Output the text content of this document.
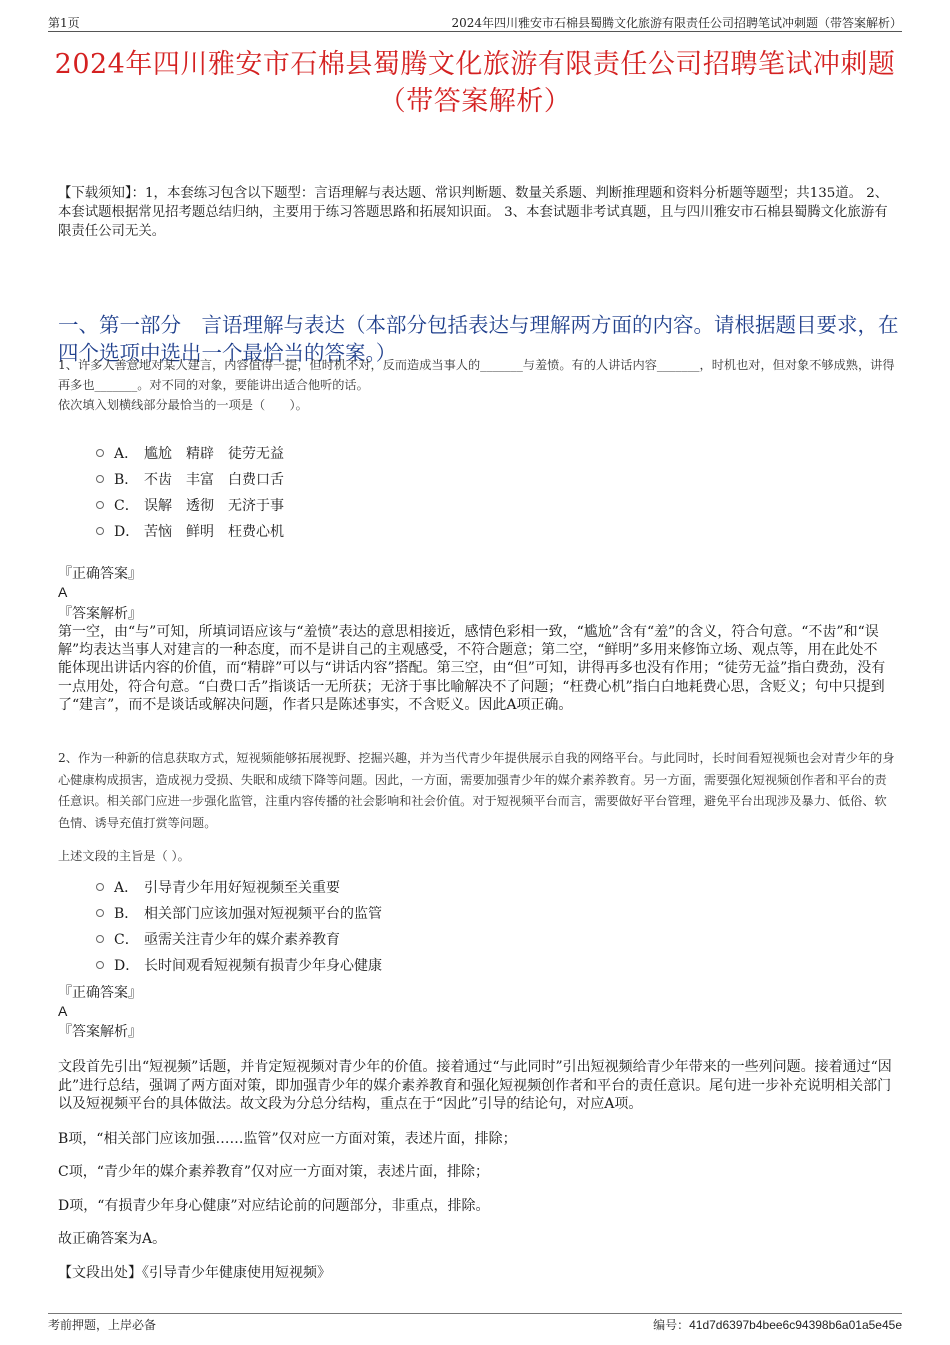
第1页	2024年四川雅安市石棉县蜀腾文化旅游有限责任公司招聘笔试冲刺题（带答案解析）
2024年四川雅安市石棉县蜀腾文化旅游有限责任公司招聘笔试冲刺题（带答案解析）
【下载须知】：1，本套练习包含以下题型：言语理解与表达题、常识判断题、数量关系题、判断推理题和资料分析题等题型；共135道。 2、本套试题根据常见招考题总结归纳，主要用于练习答题思路和拓展知识面。 3、本套试题非考试真题，且与四川雅安市石棉县蜀腾文化旅游有限责任公司无关。
一、第一部分　言语理解与表达（本部分包括表达与理解两方面的内容。请根据题目要求，在四个选项中选出一个最恰当的答案。）

1、许多人善意地对某人建言，内容值得一提，但时机不对，反而造成当事人的_______与羞愤。有的人讲话内容_______，时机也对，但对象不够成熟，讲得再多也_______。对不同的对象，要能讲出适合他听的话。

依次填入划横线部分最恰当的一项是（　　）。

A． 尴尬 精辟 徒劳无益
B． 不齿 丰富 白费口舌
C． 误解 透彻 无济于事
D． 苦恼 鲜明 枉费心机
『正确答案』
A
『答案解析』
第一空，由“与”可知，所填词语应该与“羞愤”表达的意思相接近，感情色彩相一致，“尴尬”含有“羞”的含义，符合句意。“不齿”和“误解”均表达当事人对建言的一种态度，而不是讲自己的主观感受，不符合题意；第二空，“鲜明”多用来修饰立场、观点等，用在此处不能体现出讲话内容的价值，而“精辟”可以与“讲话内容”搭配。第三空，由“但”可知，讲得再多也没有作用；“徒劳无益”指白费劲，没有一点用处，符合句意。“白费口舌”指谈话一无所获；无济于事比喻解决不了问题；“枉费心机”指白白地耗费心思，含贬义；句中只提到了“建言”，而不是谈话或解决问题，作者只是陈述事实，不含贬义。因此A项正确。

2、作为一种新的信息获取方式，短视频能够拓展视野、挖掘兴趣，并为当代青少年提供展示自我的网络平台。与此同时，长时间看短视频也会对青少年的身心健康构成损害，造成视力受损、失眠和成绩下降等问题。因此，一方面，需要加强青少年的媒介素养教育。另一方面，需要强化短视频创作者和平台的责任意识。相关部门应进一步强化监管，注重内容传播的社会影响和社会价值。对于短视频平台而言，需要做好平台管理，避免平台出现涉及暴力、低俗、软色情、诱导充值打赏等问题。

上述文段的主旨是（ ）。

A． 引导青少年用好短视频至关重要
B． 相关部门应该加强对短视频平台的监管
C． 亟需关注青少年的媒介素养教育
D． 长时间观看短视频有损青少年身心健康
『正确答案』
A
『答案解析』
文段首先引出“短视频”话题，并肯定短视频对青少年的价值。接着通过“与此同时”引出短视频给青少年带来的一些列问题。接着通过“因此”进行总结，强调了两方面对策，即加强青少年的媒介素养教育和强化短视频创作者和平台的责任意识。尾句进一步补充说明相关部门以及短视频平台的具体做法。故文段为分总分结构，重点在于“因此”引导的结论句，对应A项。
B项，“相关部门应该加强……监管”仅对应一方面对策，表述片面，排除；
C项，“青少年的媒介素养教育”仅对应一方面对策，表述片面，排除；
D项，“有损青少年身心健康”对应结论前的问题部分，非重点，排除。
故正确答案为A。
【文段出处】《引导青少年健康使用短视频》
考前押题，上岸必备	编号：41d7d6397b4bee6c94398b6a01a5e45e
